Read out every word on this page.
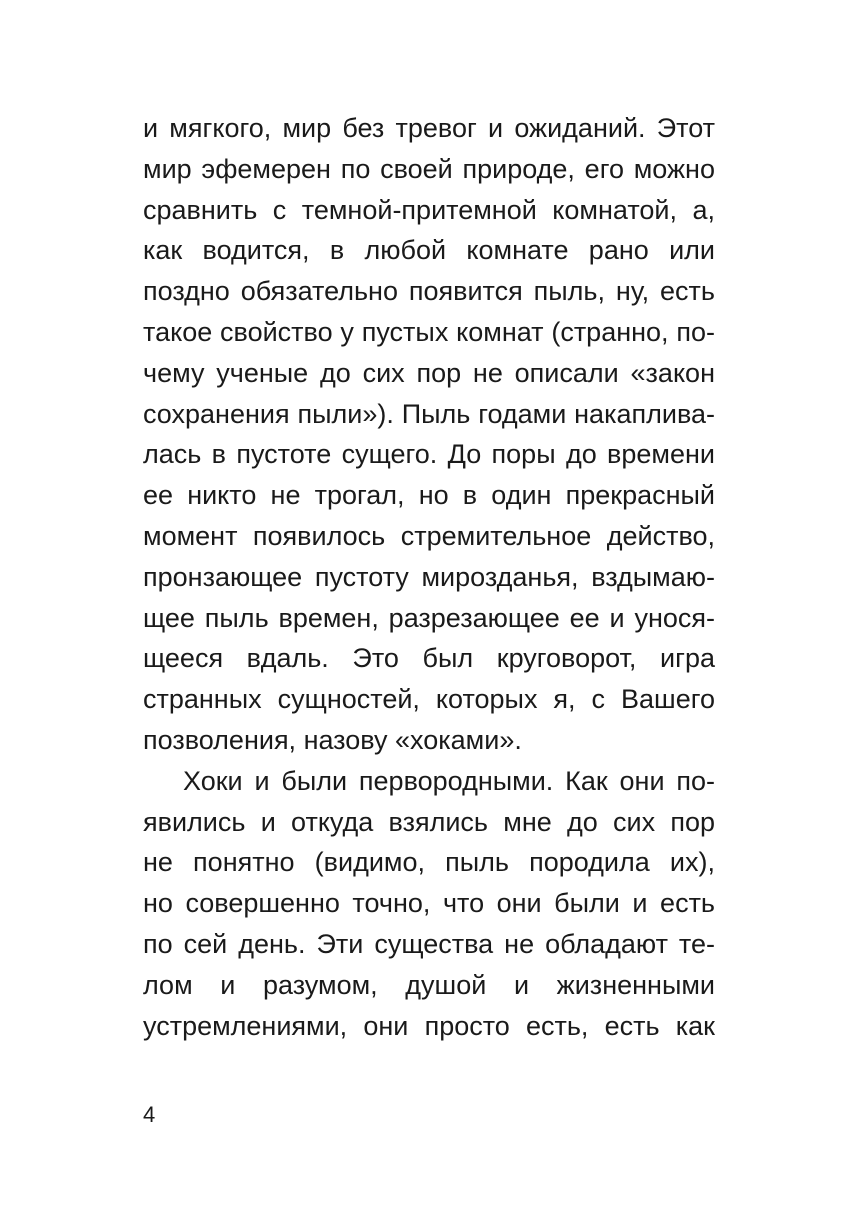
и мягкого, мир без тревог и ожиданий. Этот
мир эфемерен по своей природе, его можно
сравнить с темной-притемной комнатой, а,
как водится, в любой комнате рано или
поздно обязательно появится пыль, ну, есть
такое свойство у пустых комнат (странно, по-
чему ученые до сих пор не описали «закон
сохранения пыли»). Пыль годами накаплива-
лась в пустоте сущего. До поры до времени
ее никто не трогал, но в один прекрасный
момент появилось стремительное действо,
пронзающее пустоту мирозданья, вздымаю-
щее пыль времен, разрезающее ее и унося-
щееся вдаль. Это был круговорот, игра
странных сущностей, которых я, с Вашего
позволения, назову «хоками».
Хоки и были первородными. Как они по-
явились и откуда взялись мне до сих пор
не понятно (видимо, пыль породила их),
но совершенно точно, что они были и есть
по сей день. Эти существа не обладают те-
лом и разумом, душой и жизненными
устремлениями, они просто есть, есть как
4
